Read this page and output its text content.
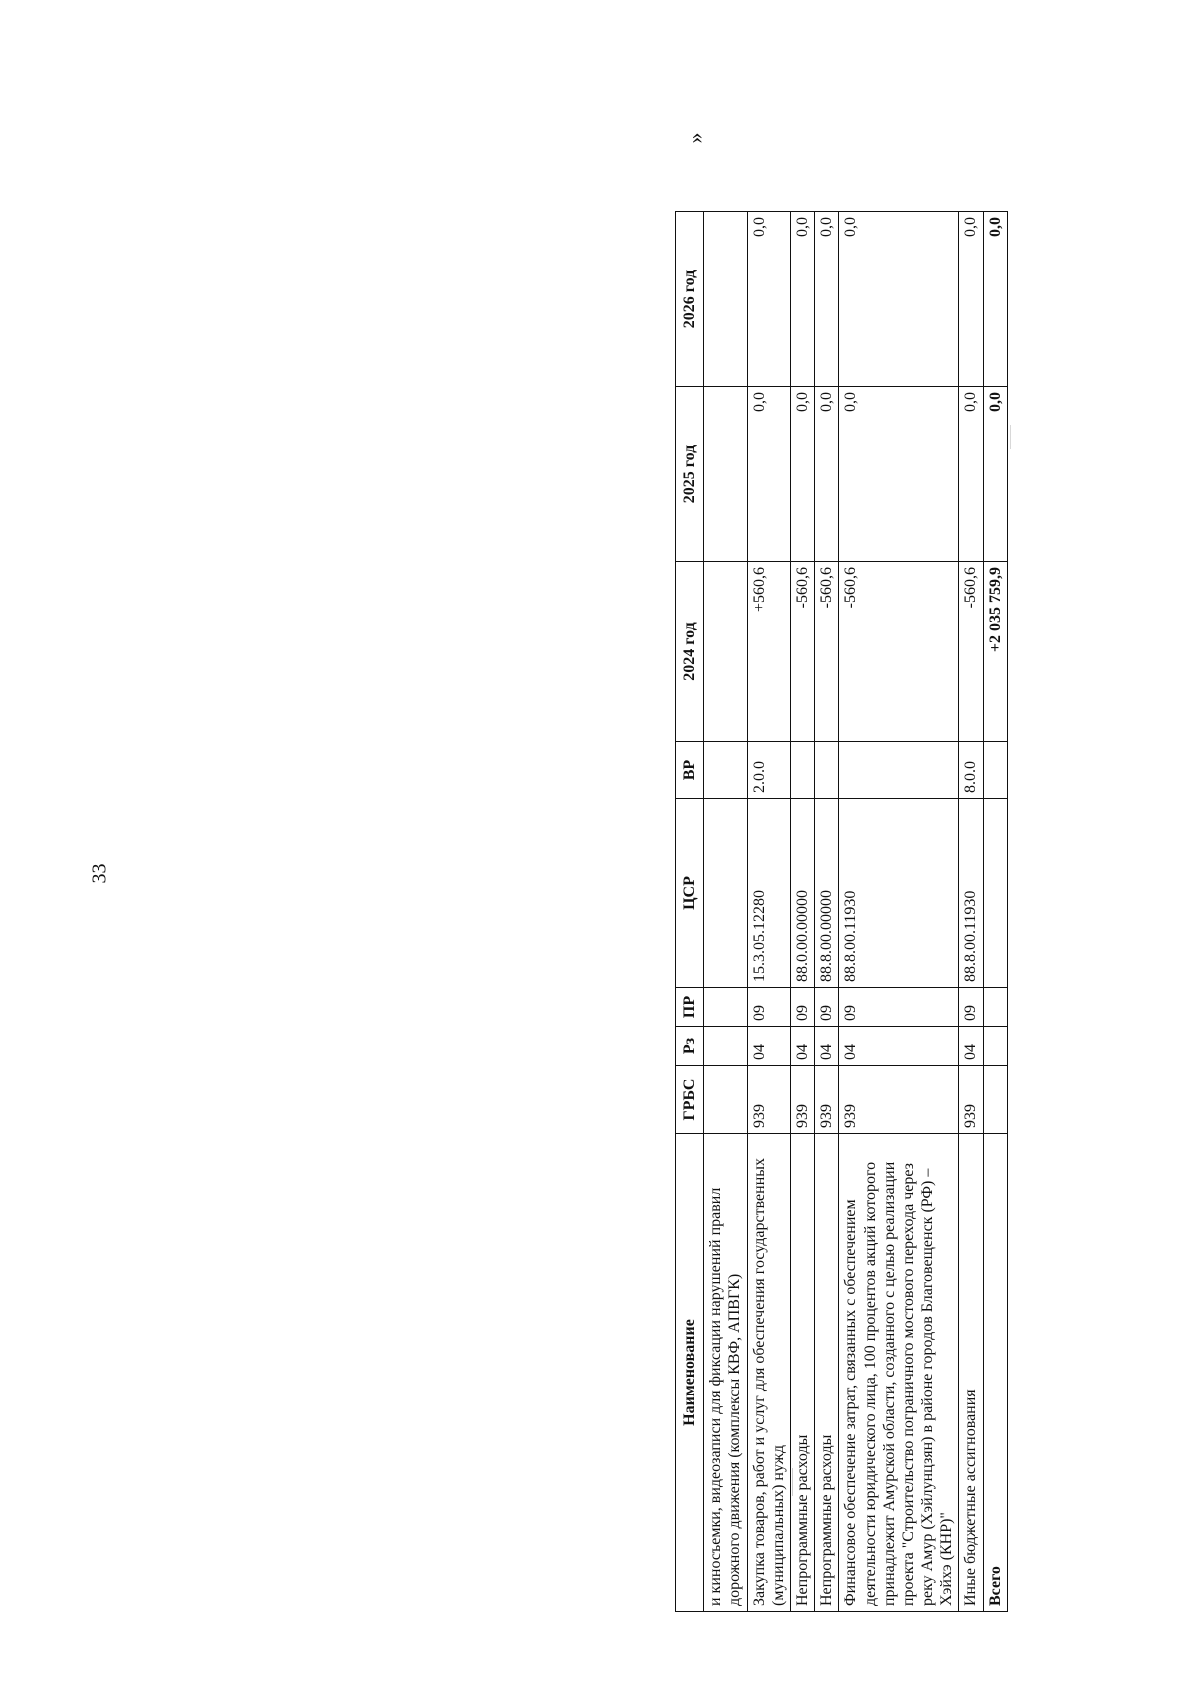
33
»
Наименование	ГРБС	Рз	ПР	ЦСР	ВР	2024 год	2025 год	2026 год
и киносъемки, видеозаписи для фиксации нарушений правил дорожного движения (комплексы КВФ, АПВГК)								
Закупка товаров, работ и услуг для обеспечения государственных (муниципальных) нужд	939	04	09	15.3.05.12280	2.0.0	+560,6	0,0	0,0
Непрограммные расходы	939	04	09	88.0.00.00000		-560,6	0,0	0,0
Непрограммные расходы	939	04	09	88.8.00.00000		-560,6	0,0	0,0
Финансовое обеспечение затрат, связанных с обеспечением деятельности юридического лица, 100 процентов акций которого принадлежит Амурской области, созданного с целью реализации проекта "Строительство пограничного мостового перехода через реку Амур (Хэйлунцзян) в районе городов Благовещенск (РФ) – Хэйхэ (КНР)"	939	04	09	88.8.00.11930		-560,6	0,0	0,0
Иные бюджетные ассигнования	939	04	09	88.8.00.11930	8.0.0	-560,6	0,0	0,0
Всего						+2 035 759,9	0,0	0,0
